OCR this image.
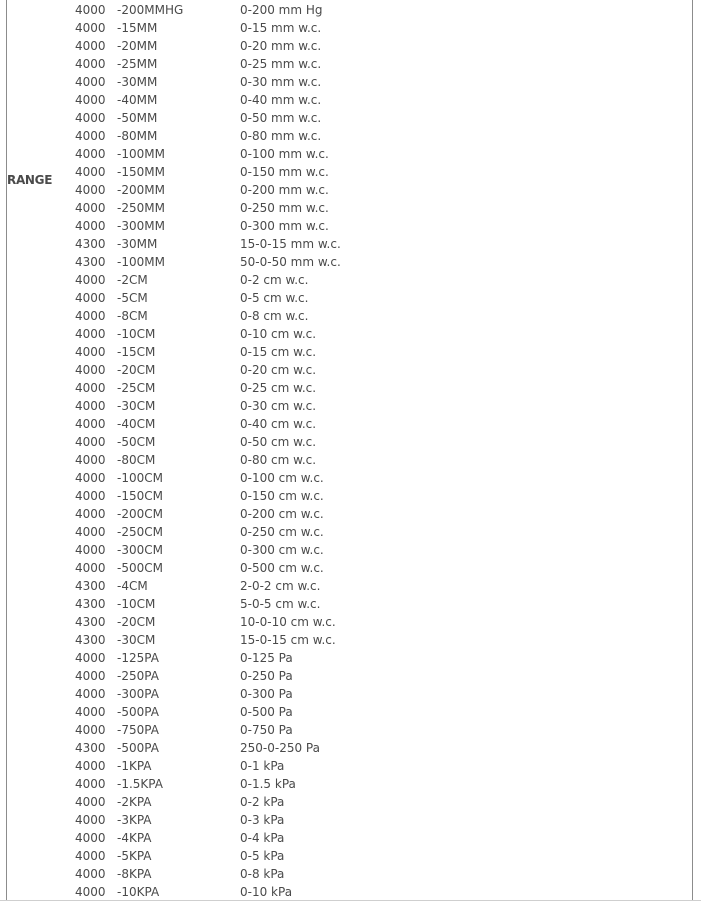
RANGE
4000 -200MMHG	0-200 mm Hg
4000 -15MM	0-15 mm w.c.
4000 -20MM	0-20 mm w.c.
4000 -25MM	0-25 mm w.c.
4000 -30MM	0-30 mm w.c.
4000 -40MM	0-40 mm w.c.
4000 -50MM	0-50 mm w.c.
4000 -80MM	0-80 mm w.c.
4000 -100MM	0-100 mm w.c.
4000 -150MM	0-150 mm w.c.
4000 -200MM	0-200 mm w.c.
4000 -250MM	0-250 mm w.c.
4000 -300MM	0-300 mm w.c.
4300 -30MM	15-0-15 mm w.c.
4300 -100MM	50-0-50 mm w.c.
4000 -2CM	0-2 cm w.c.
4000 -5CM	0-5 cm w.c.
4000 -8CM	0-8 cm w.c.
4000 -10CM	0-10 cm w.c.
4000 -15CM	0-15 cm w.c.
4000 -20CM	0-20 cm w.c.
4000 -25CM	0-25 cm w.c.
4000 -30CM	0-30 cm w.c.
4000 -40CM	0-40 cm w.c.
4000 -50CM	0-50 cm w.c.
4000 -80CM	0-80 cm w.c.
4000 -100CM	0-100 cm w.c.
4000 -150CM	0-150 cm w.c.
4000 -200CM	0-200 cm w.c.
4000 -250CM	0-250 cm w.c.
4000 -300CM	0-300 cm w.c.
4000 -500CM	0-500 cm w.c.
4300 -4CM	2-0-2 cm w.c.
4300 -10CM	5-0-5 cm w.c.
4300 -20CM	10-0-10 cm w.c.
4300 -30CM	15-0-15 cm w.c.
4000 -125PA	0-125 Pa
4000 -250PA	0-250 Pa
4000 -300PA	0-300 Pa
4000 -500PA	0-500 Pa
4000 -750PA	0-750 Pa
4300 -500PA	250-0-250 Pa
4000 -1KPA	0-1 kPa
4000 -1.5KPA	0-1.5 kPa
4000 -2KPA	0-2 kPa
4000 -3KPA	0-3 kPa
4000 -4KPA	0-4 kPa
4000 -5KPA	0-5 kPa
4000 -8KPA	0-8 kPa
4000 -10KPA	0-10 kPa
